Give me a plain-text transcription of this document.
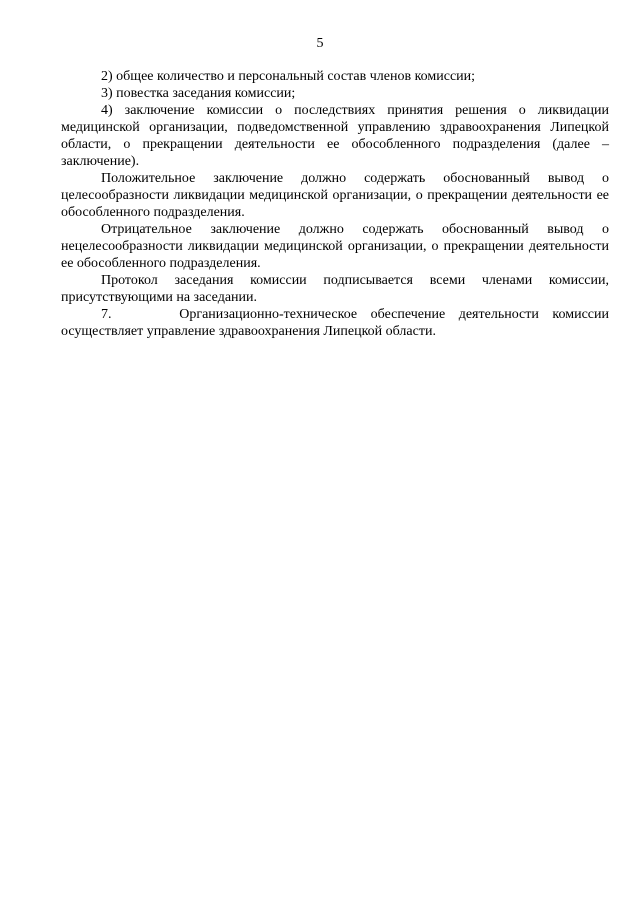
5

2) общее количество и персональный состав членов комиссии;

3) повестка заседания комиссии;

4) заключение комиссии о последствиях принятия решения о ликвидации медицинской организации, подведомственной управлению здравоохранения Липецкой области, о прекращении деятельности ее обособленного подразделения (далее – заключение).

Положительное заключение должно содержать обоснованный вывод о целесообразности ликвидации медицинской организации, о прекращении деятельности ее обособленного подразделения.

Отрицательное заключение должно содержать обоснованный вывод о нецелесообразности ликвидации медицинской организации, о прекращении деятельности ее обособленного подразделения.

Протокол заседания комиссии подписывается всеми членами комиссии, присутствующими на заседании.

7.     Организационно-техническое обеспечение деятельности комиссии осуществляет управление здравоохранения Липецкой области.
